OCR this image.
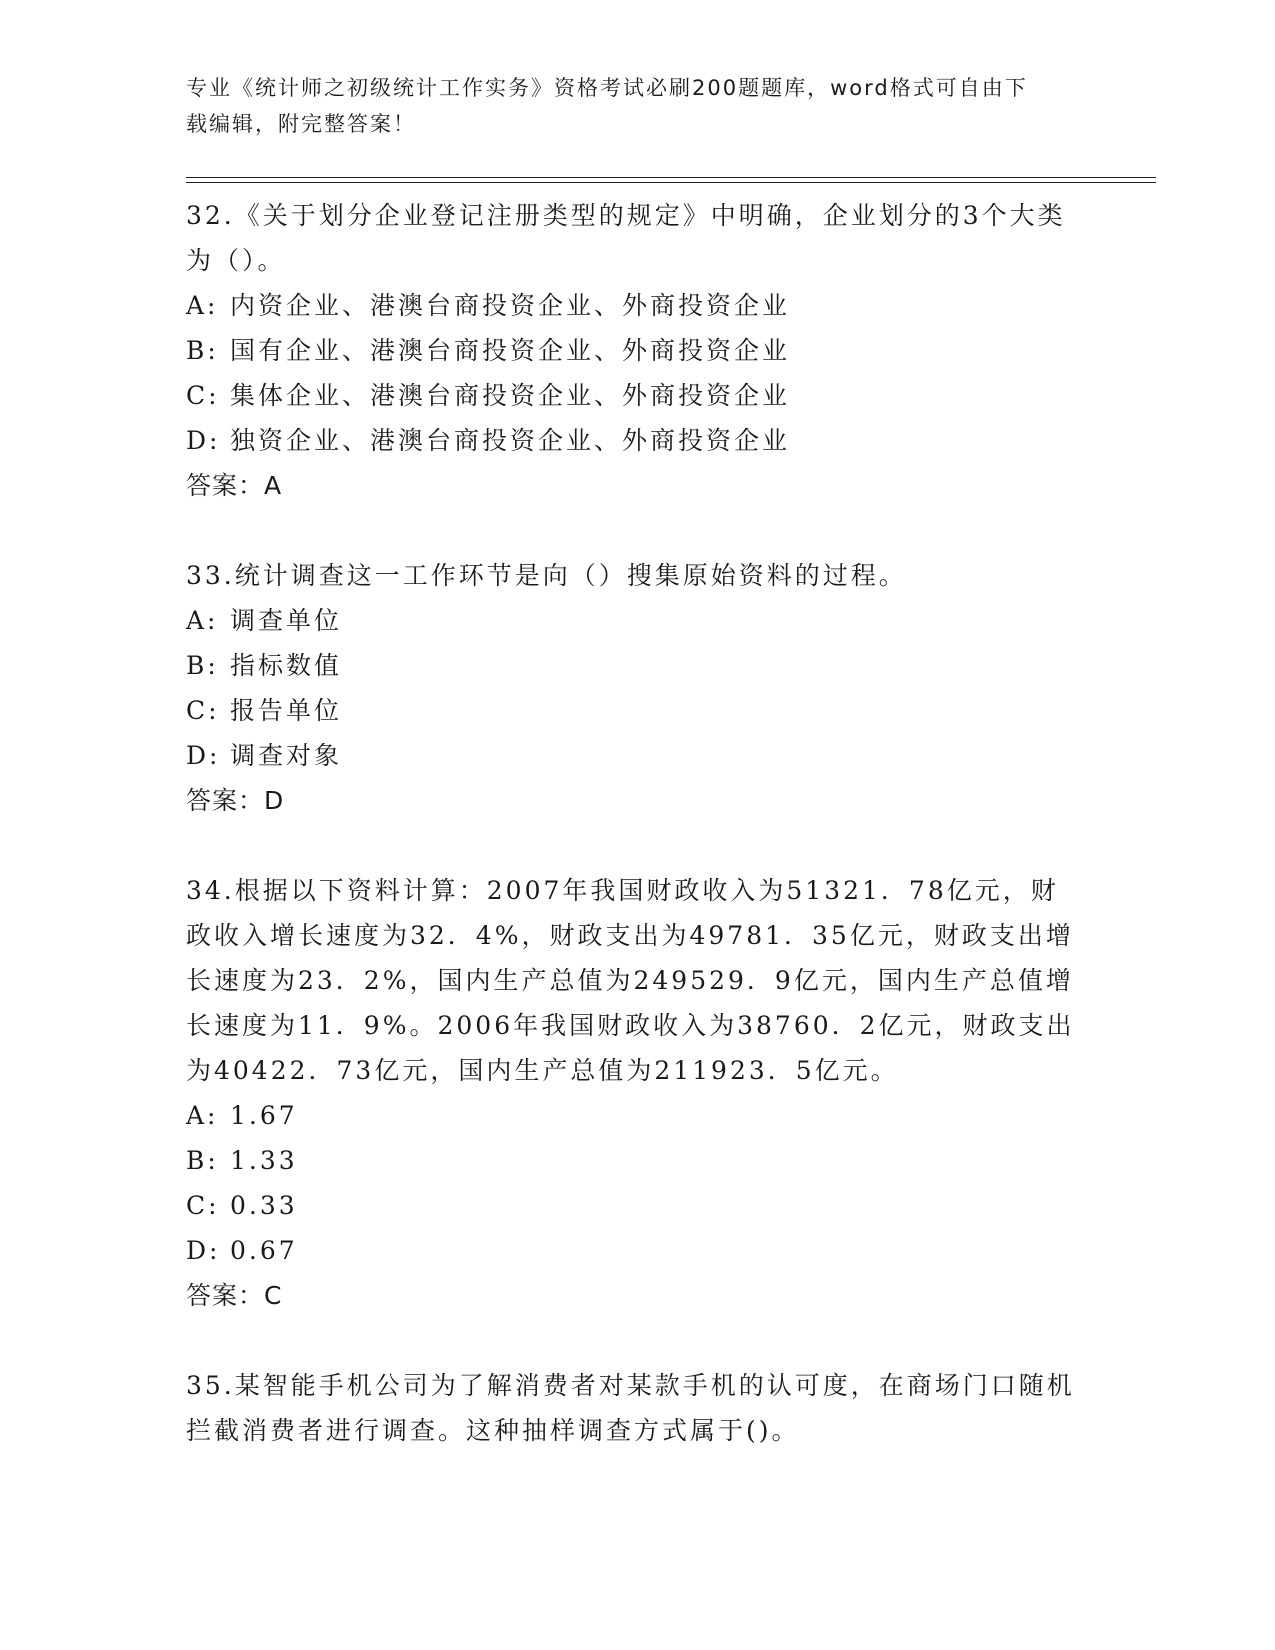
专业《统计师之初级统计工作实务》资格考试必刷200题题库，word格式可自由下载编辑，附完整答案！

32.《关于划分企业登记注册类型的规定》中明确，企业划分的3个大类为（）。

A: 内资企业、港澳台商投资企业、外商投资企业

B: 国有企业、港澳台商投资企业、外商投资企业

C: 集体企业、港澳台商投资企业、外商投资企业

D: 独资企业、港澳台商投资企业、外商投资企业

答案： A

33.统计调查这一工作环节是向（）搜集原始资料的过程。

A: 调查单位

B: 指标数值

C: 报告单位

D: 调查对象

答案： D

34.根据以下资料计算：2007年我国财政收入为51321．78亿元，财政收入增长速度为32．4%，财政支出为49781．35亿元，财政支出增长速度为23．2%，国内生产总值为249529．9亿元，国内生产总值增长速度为11．9%。2006年我国财政收入为38760．2亿元，财政支出为40422．73亿元，国内生产总值为211923．5亿元。

A: 1.67

B: 1.33

C: 0.33

D: 0.67

答案： C

35.某智能手机公司为了解消费者对某款手机的认可度，在商场门口随机拦截消费者进行调查。这种抽样调查方式属于()。
